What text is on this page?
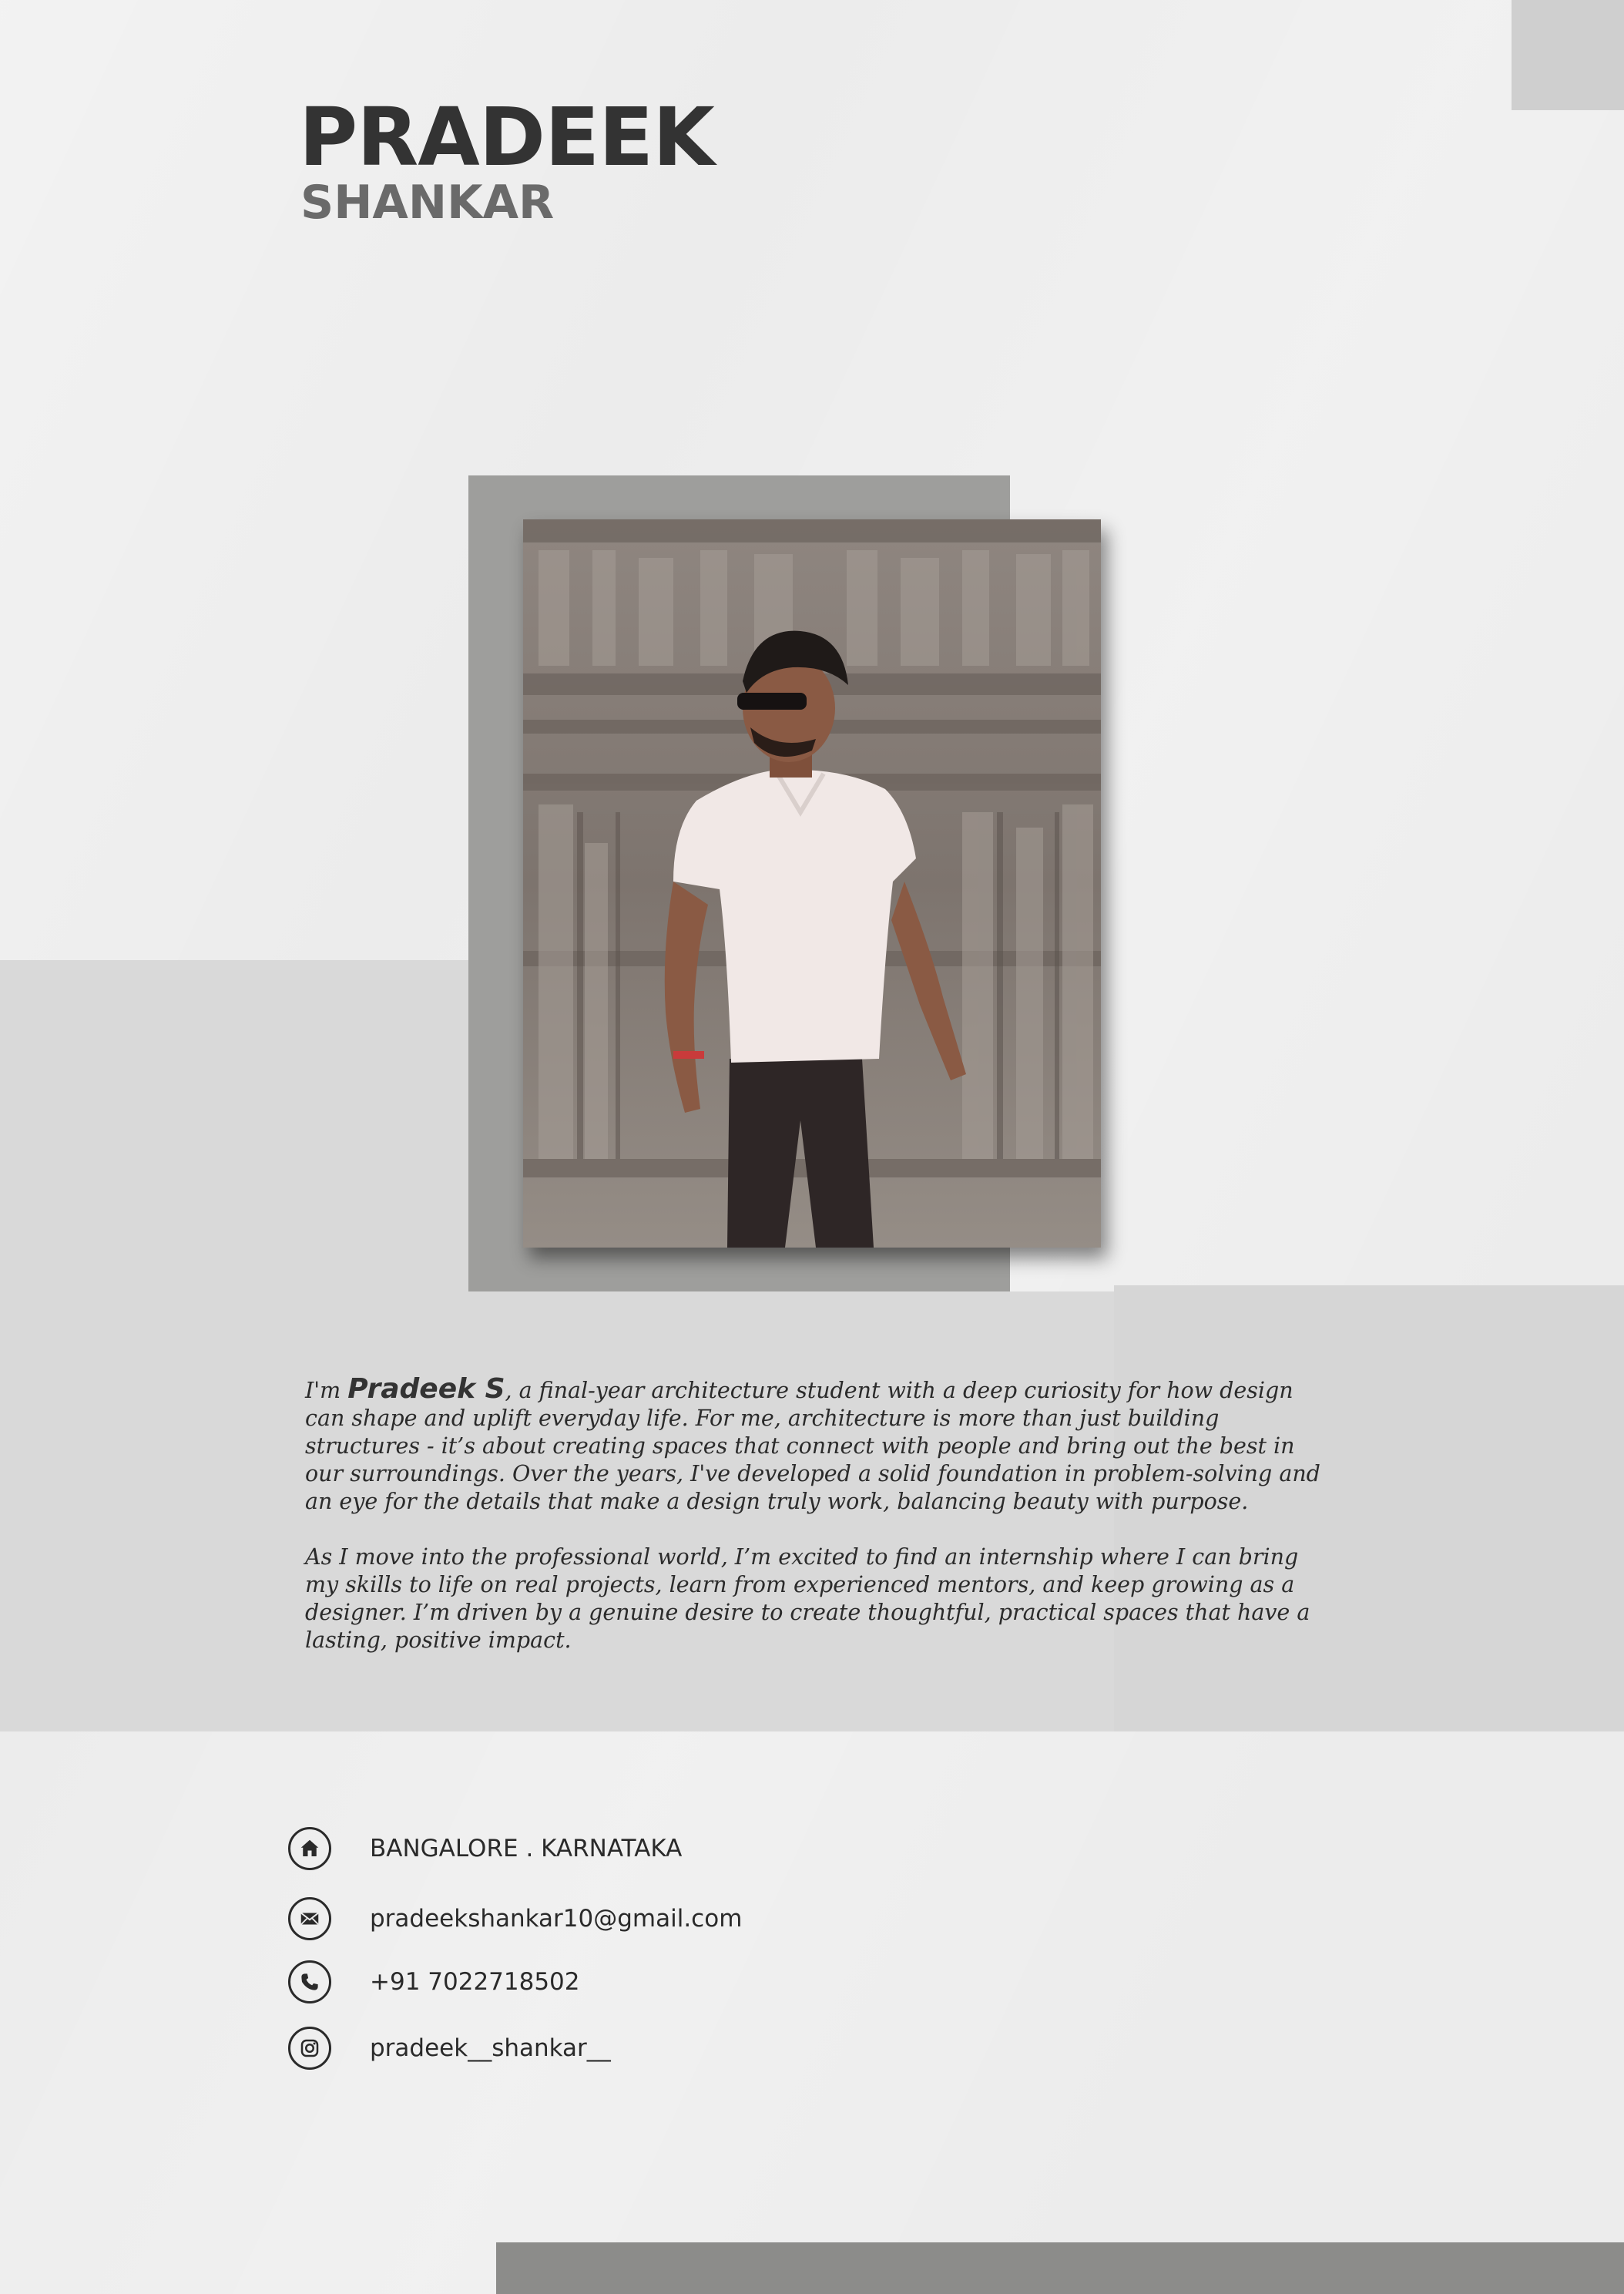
PRADEEK
SHANKAR

I'm Pradeek S, a final-year architecture student with a deep curiosity for how design can shape and uplift everyday life. For me, architecture is more than just building structures - it’s about creating spaces that connect with people and bring out the best in our surroundings. Over the years, I've developed a solid foundation in problem-solving and an eye for the details that make a design truly work, balancing beauty with purpose.

As I move into the professional world, I’m excited to find an internship where I can bring my skills to life on real projects, learn from experienced mentors, and keep growing as a designer. I’m driven by a genuine desire to create thoughtful, practical spaces that have a lasting, positive impact.

BANGALORE . KARNATAKA
pradeekshankar10@gmail.com
+91 7022718502
pradeek__shankar__
